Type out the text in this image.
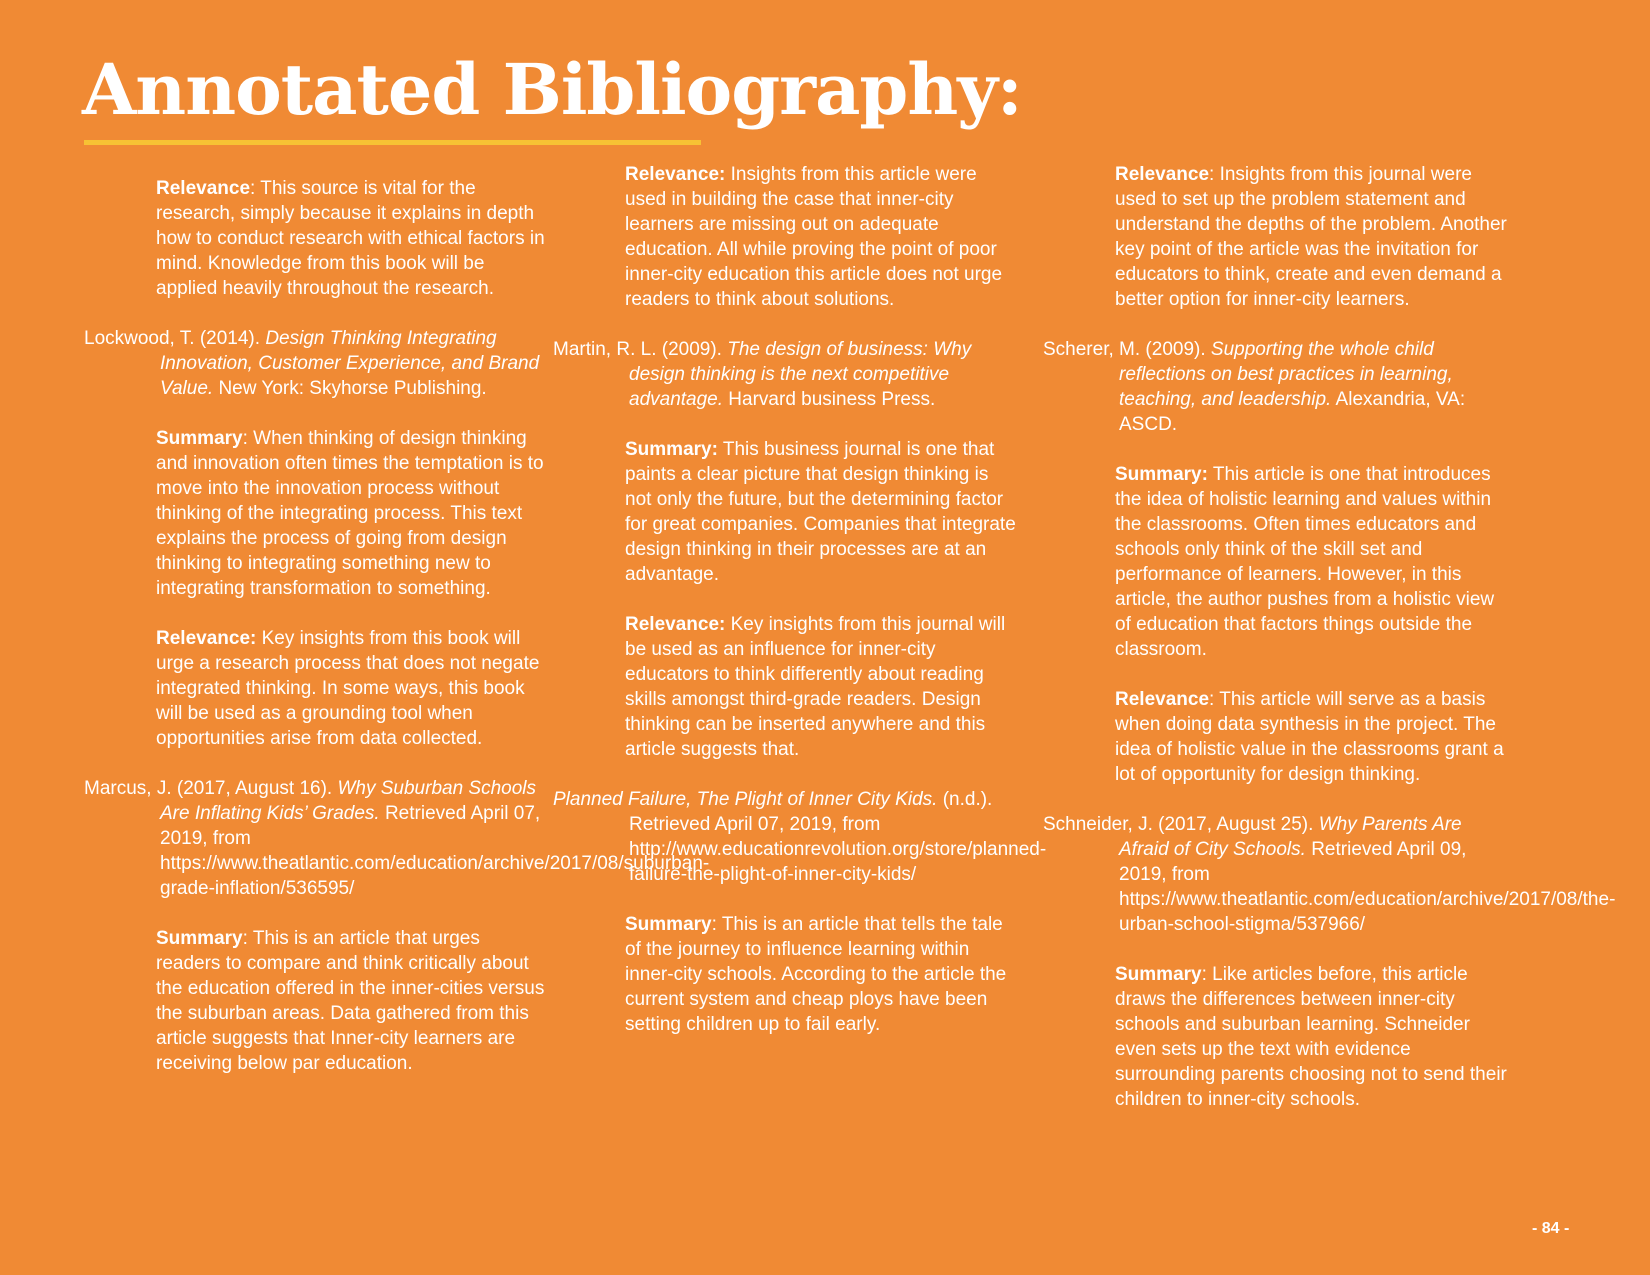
Annotated Bibliography:

Relevance: This source is vital for the research, simply because it explains in depth how to conduct research with ethical factors in mind. Knowledge from this book will be applied heavily throughout the research.

Lockwood, T. (2014). Design Thinking Integrating Innovation, Customer Experience, and Brand Value. New York: Skyhorse Publishing.

Summary: When thinking of design thinking and innovation often times the temptation is to move into the innovation process without thinking of the integrating process. This text explains the process of going from design thinking to integrating something new to integrating transformation to something.

Relevance: Key insights from this book will urge a research process that does not negate integrated thinking. In some ways, this book will be used as a grounding tool when opportunities arise from data collected.

Marcus, J. (2017, August 16). Why Suburban Schools Are Inflating Kids’ Grades. Retrieved April 07, 2019, from https://www.theatlantic.com/education/archive/2017/08/suburban-grade-inflation/536595/

Summary: This is an article that urges readers to compare and think critically about the education offered in the inner-cities versus the suburban areas. Data gathered from this article suggests that Inner-city learners are receiving below par education.

Relevance: Insights from this article were used in building the case that inner-city learners are missing out on adequate education. All while proving the point of poor inner-city education this article does not urge readers to think about solutions.

Martin, R. L. (2009). The design of business: Why design thinking is the next competitive advantage. Harvard business Press.

Summary: This business journal is one that paints a clear picture that design thinking is not only the future, but the determining factor for great companies. Companies that integrate design thinking in their processes are at an advantage.

Relevance: Key insights from this journal will be used as an influence for inner-city educators to think differently about reading skills amongst third-grade readers. Design thinking can be inserted anywhere and this article suggests that.

Planned Failure, The Plight of Inner City Kids. (n.d.). Retrieved April 07, 2019, from http://www.educationrevolution.org/store/planned-failure-the-plight-of-inner-city-kids/

Summary: This is an article that tells the tale of the journey to influence learning within inner-city schools. According to the article the current system and cheap ploys have been setting children up to fail early.

Relevance: Insights from this journal were used to set up the problem statement and understand the depths of the problem. Another key point of the article was the invitation for educators to think, create and even demand a better option for inner-city learners.

Scherer, M. (2009). Supporting the whole child reflections on best practices in learning, teaching, and leadership. Alexandria, VA: ASCD.

Summary: This article is one that introduces the idea of holistic learning and values within the classrooms. Often times educators and schools only think of the skill set and performance of learners. However, in this article, the author pushes from a holistic view of education that factors things outside the classroom.

Relevance: This article will serve as a basis when doing data synthesis in the project. The idea of holistic value in the classrooms grant a lot of opportunity for design thinking.

Schneider, J. (2017, August 25). Why Parents Are Afraid of City Schools. Retrieved April 09, 2019, from https://www.theatlantic.com/education/archive/2017/08/the-urban-school-stigma/537966/

Summary: Like articles before, this article draws the differences between inner-city schools and suburban learning. Schneider even sets up the text with evidence surrounding parents choosing not to send their children to inner-city schools.

- 84 -
